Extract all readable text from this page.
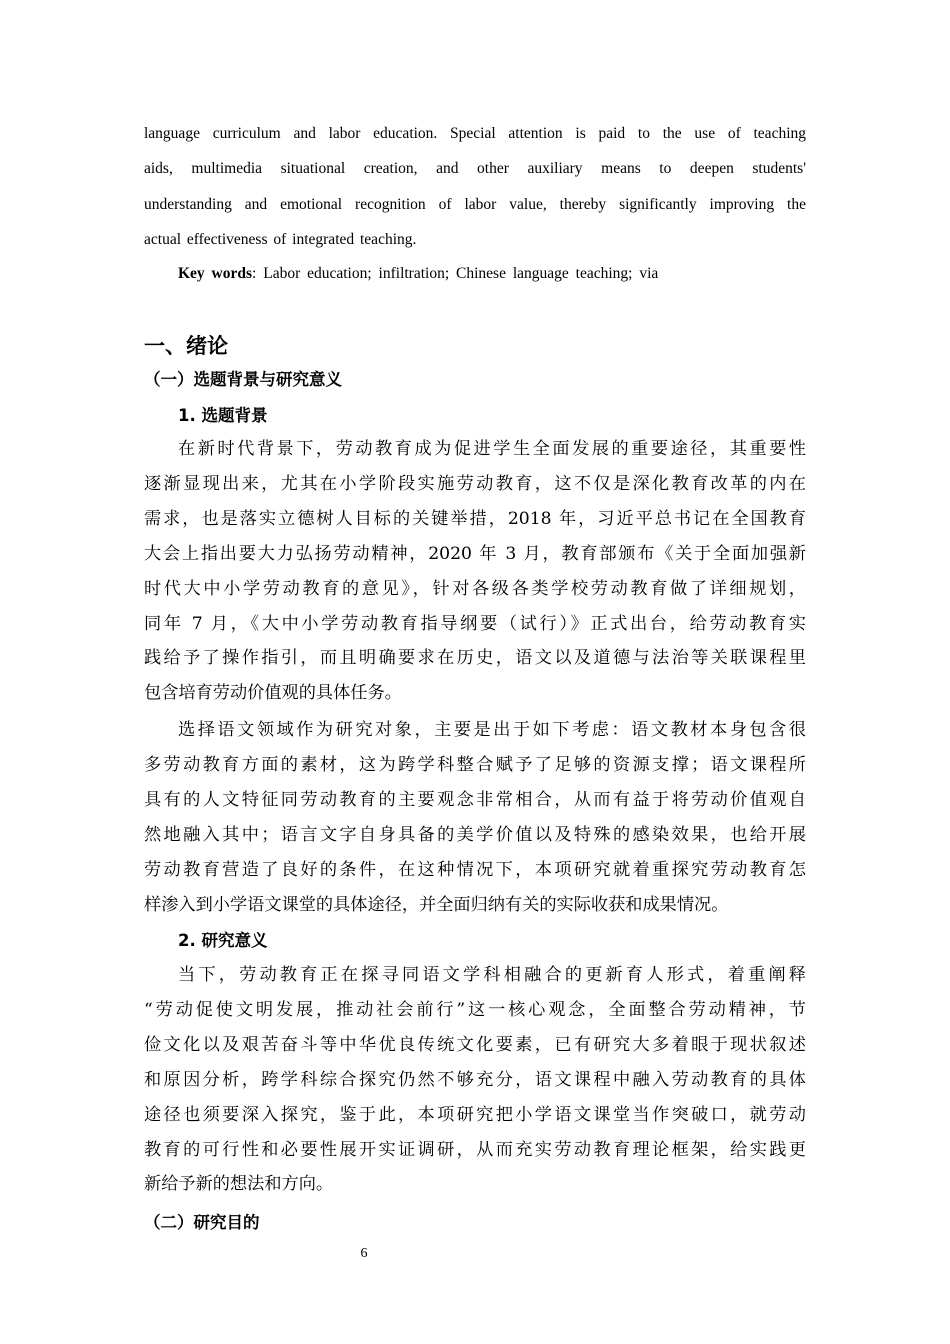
language curriculum and labor education. Special attention is paid to the use of teaching
aids, multimedia situational creation, and other auxiliary means to deepen students'
understanding and emotional recognition of labor value, thereby significantly improving the
actual effectiveness of integrated teaching.
Key words: Labor education; infiltration; Chinese language teaching; via
一、绪论
（一）选题背景与研究意义
1. 选题背景
在新时代背景下，劳动教育成为促进学生全面发展的重要途径，其重要性
逐渐显现出来，尤其在小学阶段实施劳动教育，这不仅是深化教育改革的内在
需求，也是落实立德树人目标的关键举措，2018 年，习近平总书记在全国教育
大会上指出要大力弘扬劳动精神，2020 年 3 月，教育部颁布《关于全面加强新
时代大中小学劳动教育的意见》，针对各级各类学校劳动教育做了详细规划，
同年 7 月，《大中小学劳动教育指导纲要（试行）》正式出台，给劳动教育实
践给予了操作指引，而且明确要求在历史，语文以及道德与法治等关联课程里
包含培育劳动价值观的具体任务。
选择语文领域作为研究对象，主要是出于如下考虑：语文教材本身包含很
多劳动教育方面的素材，这为跨学科整合赋予了足够的资源支撑；语文课程所
具有的人文特征同劳动教育的主要观念非常相合，从而有益于将劳动价值观自
然地融入其中；语言文字自身具备的美学价值以及特殊的感染效果，也给开展
劳动教育营造了良好的条件，在这种情况下，本项研究就着重探究劳动教育怎
样渗入到小学语文课堂的具体途径，并全面归纳有关的实际收获和成果情况。
2. 研究意义
当下，劳动教育正在探寻同语文学科相融合的更新育人形式，着重阐释
“劳动促使文明发展，推动社会前行”这一核心观念，全面整合劳动精神，节
俭文化以及艰苦奋斗等中华优良传统文化要素，已有研究大多着眼于现状叙述
和原因分析，跨学科综合探究仍然不够充分，语文课程中融入劳动教育的具体
途径也须要深入探究，鉴于此，本项研究把小学语文课堂当作突破口，就劳动
教育的可行性和必要性展开实证调研，从而充实劳动教育理论框架，给实践更
新给予新的想法和方向。
（二）研究目的
6
